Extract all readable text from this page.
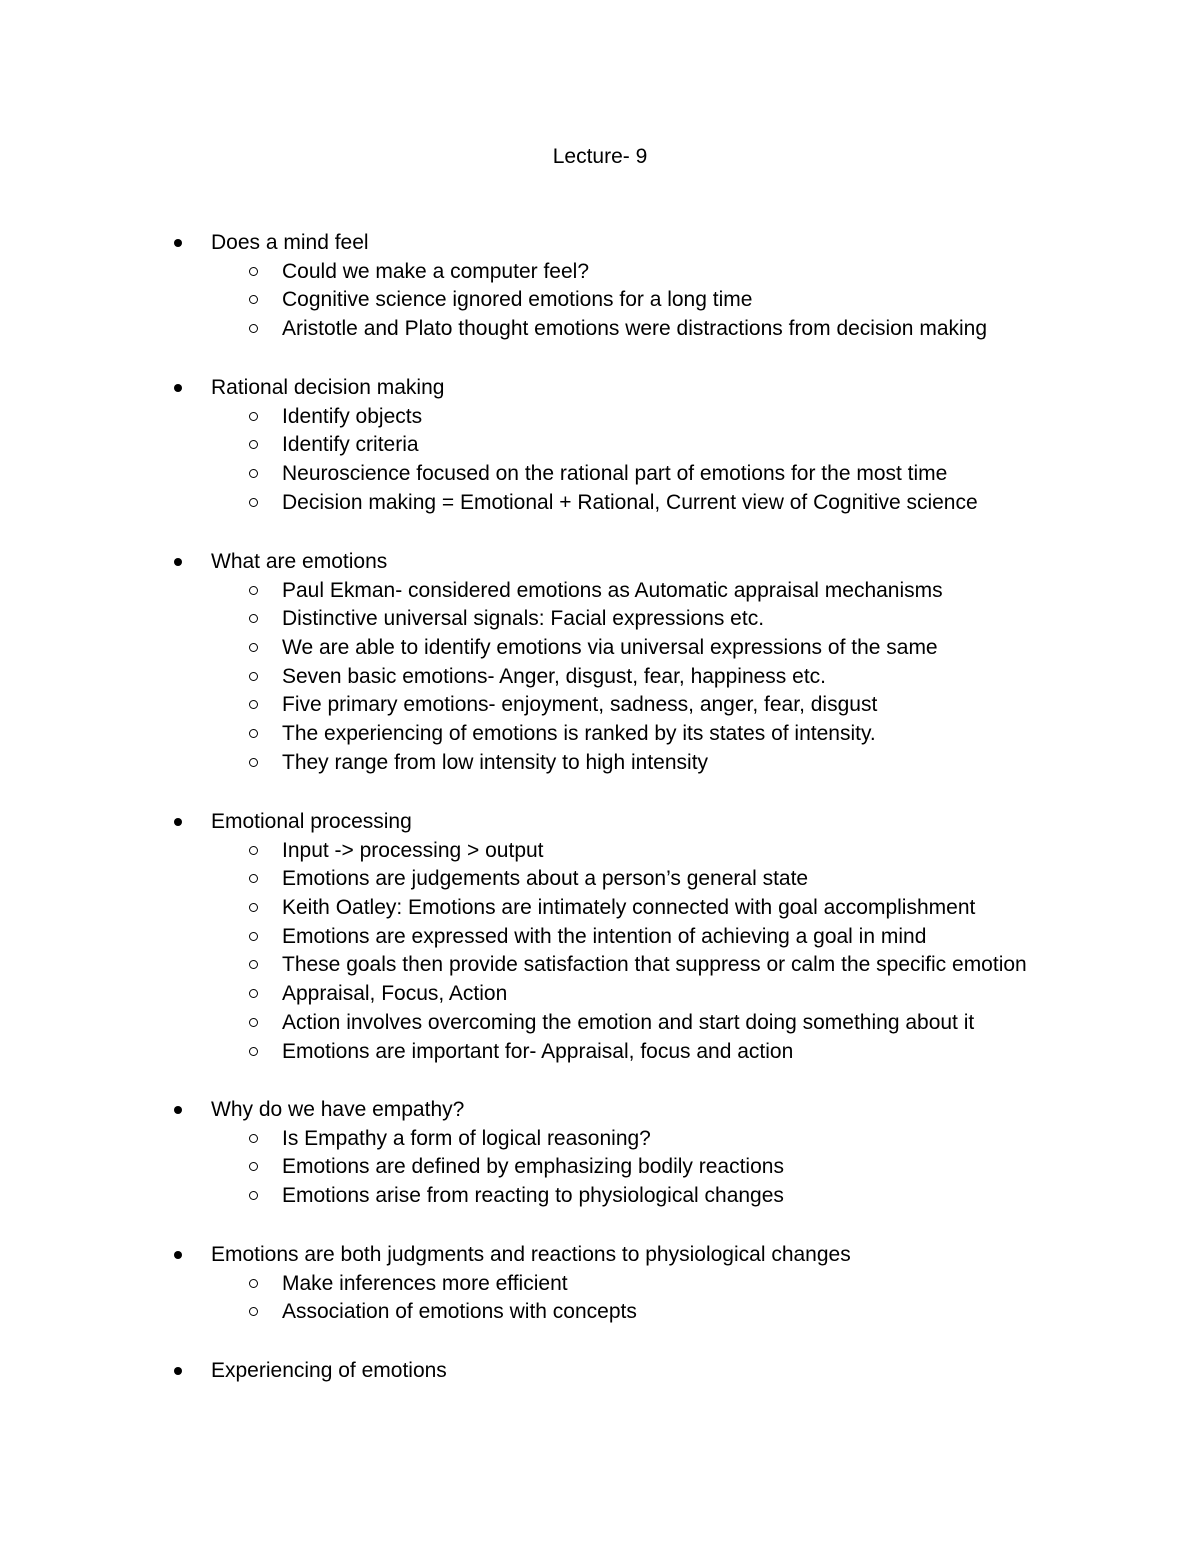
Lecture- 9
Does a mind feel
Could we make a computer feel?
Cognitive science ignored emotions for a long time
Aristotle and Plato thought emotions were distractions from decision making
Rational decision making
Identify objects
Identify criteria
Neuroscience focused on the rational part of emotions for the most time
Decision making = Emotional + Rational, Current view of Cognitive science
What are emotions
Paul Ekman- considered emotions as Automatic appraisal mechanisms
Distinctive universal signals: Facial expressions etc.
We are able to identify emotions via universal expressions of the same
Seven basic emotions- Anger, disgust, fear, happiness etc.
Five primary emotions- enjoyment, sadness, anger, fear, disgust
The experiencing of emotions is ranked by its states of intensity.
They range from low intensity to high intensity
Emotional processing
Input -> processing > output
Emotions are judgements about a person’s general state
Keith Oatley: Emotions are intimately connected with goal accomplishment
Emotions are expressed with the intention of achieving a goal in mind
These goals then provide satisfaction that suppress or calm the specific emotion
Appraisal, Focus, Action
Action involves overcoming the emotion and start doing something about it
Emotions are important for- Appraisal, focus and action
Why do we have empathy?
Is Empathy a form of logical reasoning?
Emotions are defined by emphasizing bodily reactions
Emotions arise from reacting to physiological changes
Emotions are both judgments and reactions to physiological changes
Make inferences more efficient
Association of emotions with concepts
Experiencing of emotions
